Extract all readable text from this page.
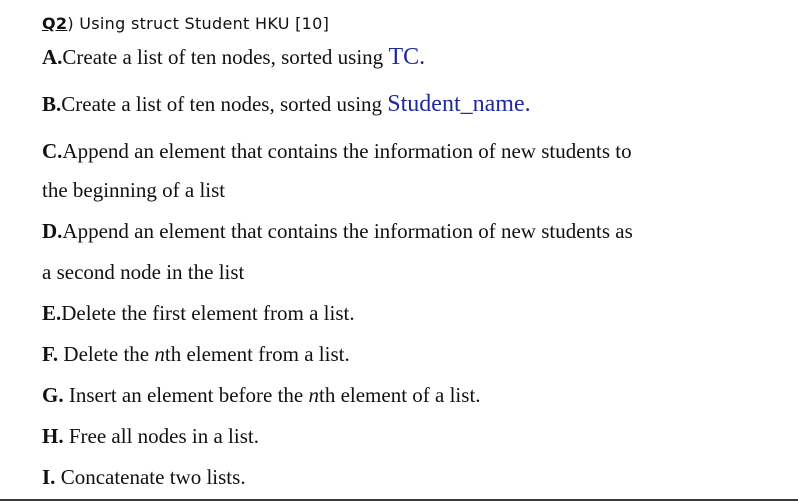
Q2) Using struct Student HKU [10]
A.Create a list of ten nodes, sorted using TC.
B.Create a list of ten nodes, sorted using Student_name.
C.Append an element that contains the information of new students to
the beginning of a list
D.Append an element that contains the information of new students as
a second node in the list
E.Delete the first element from a list.
F. Delete the nth element from a list.
G. Insert an element before the nth element of a list.
H. Free all nodes in a list.
I. Concatenate two lists.
